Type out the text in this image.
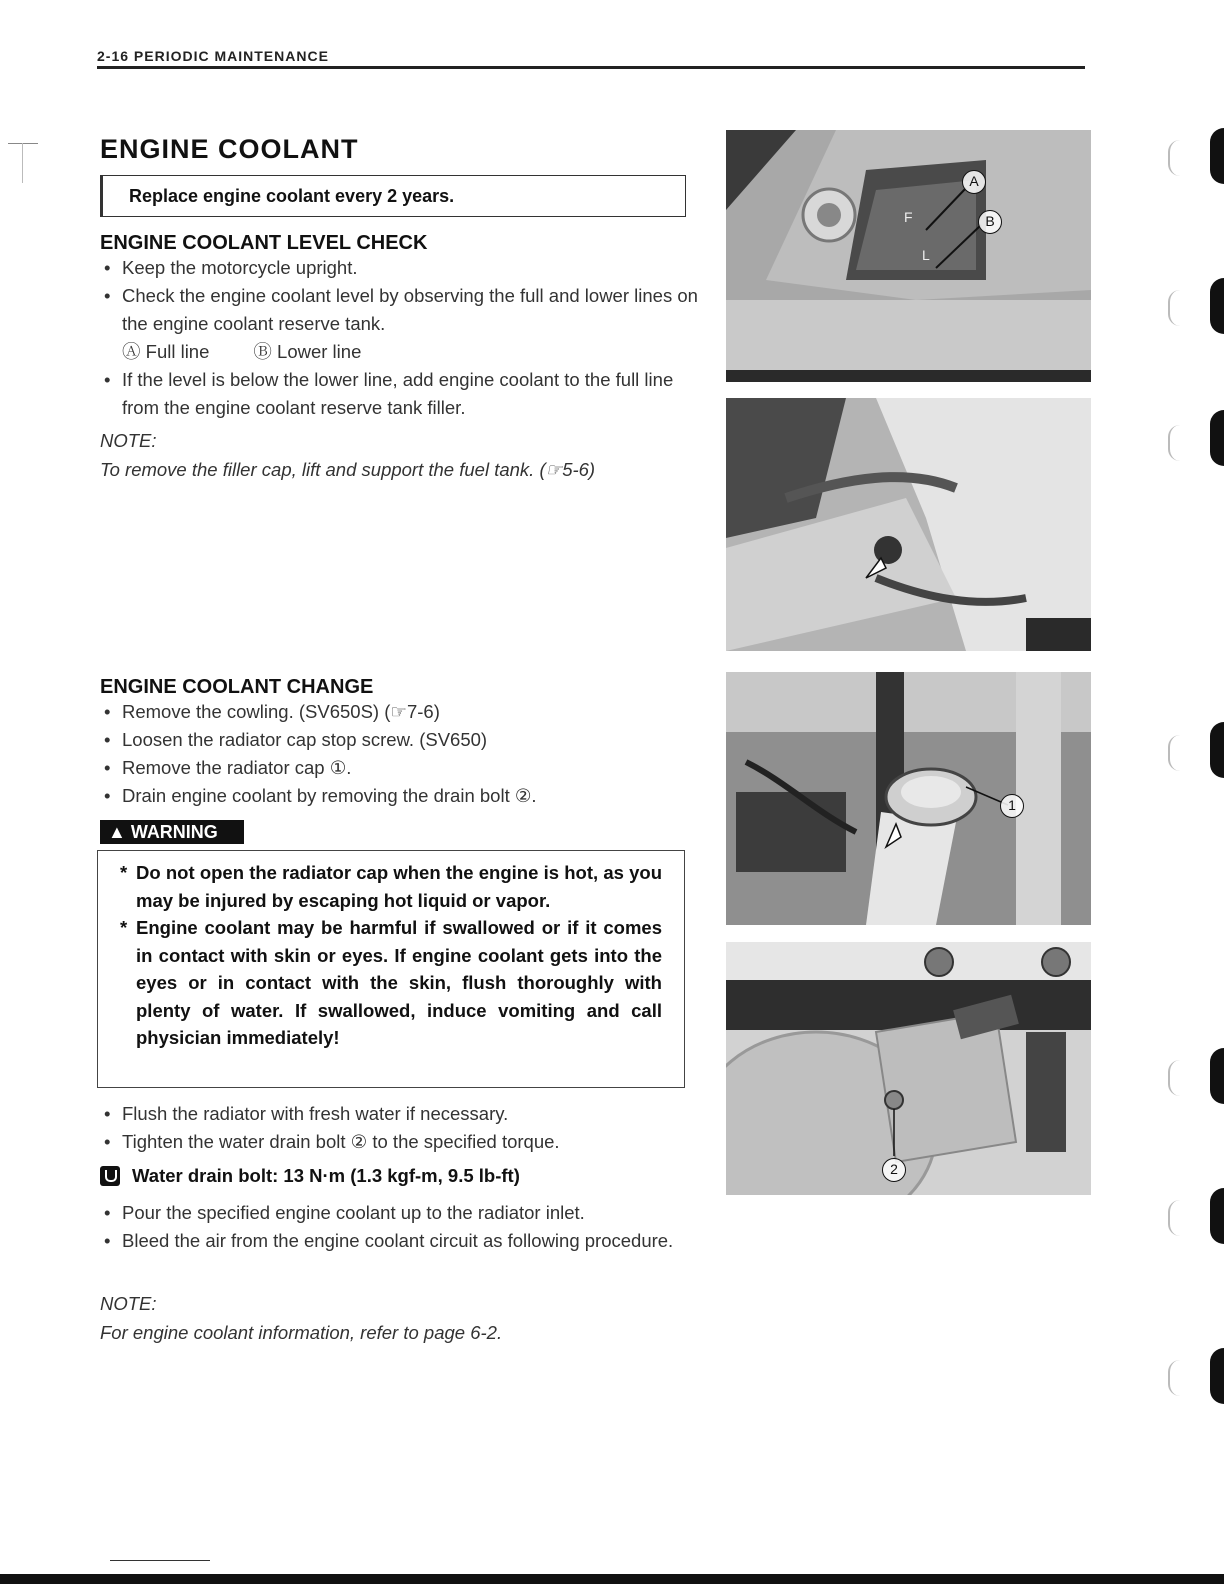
2-16 PERIODIC MAINTENANCE
ENGINE COOLANT
Replace engine coolant every 2 years.
ENGINE COOLANT LEVEL CHECK
• Keep the motorcycle upright.
• Check the engine coolant level by observing the full and lower lines on the engine coolant reserve tank.
Ⓐ Full line Ⓑ Lower line
• If the level is below the lower line, add engine coolant to the full line from the engine coolant reserve tank filler.
NOTE:
To remove the filler cap, lift and support the fuel tank. (☞5-6)
ENGINE COOLANT CHANGE
• Remove the cowling. (SV650S) (☞7-6)
• Loosen the radiator cap stop screw. (SV650)
• Remove the radiator cap ①.
• Drain engine coolant by removing the drain bolt ②.
▲ WARNING
* Do not open the radiator cap when the engine is hot, as you may be injured by escaping hot liquid or vapor.
* Engine coolant may be harmful if swallowed or if it comes in contact with skin or eyes. If engine coolant gets into the eyes or in contact with the skin, flush thoroughly with plenty of water. If swallowed, induce vomiting and call physician immediately!
• Flush the radiator with fresh water if necessary.
• Tighten the water drain bolt ② to the specified torque.
Water drain bolt: 13 N·m (1.3 kgf-m, 9.5 lb-ft)
• Pour the specified engine coolant up to the radiator inlet.
• Bleed the air from the engine coolant circuit as following procedure.
NOTE:
For engine coolant information, refer to page 6-2.
F
L
A
B
1
2
